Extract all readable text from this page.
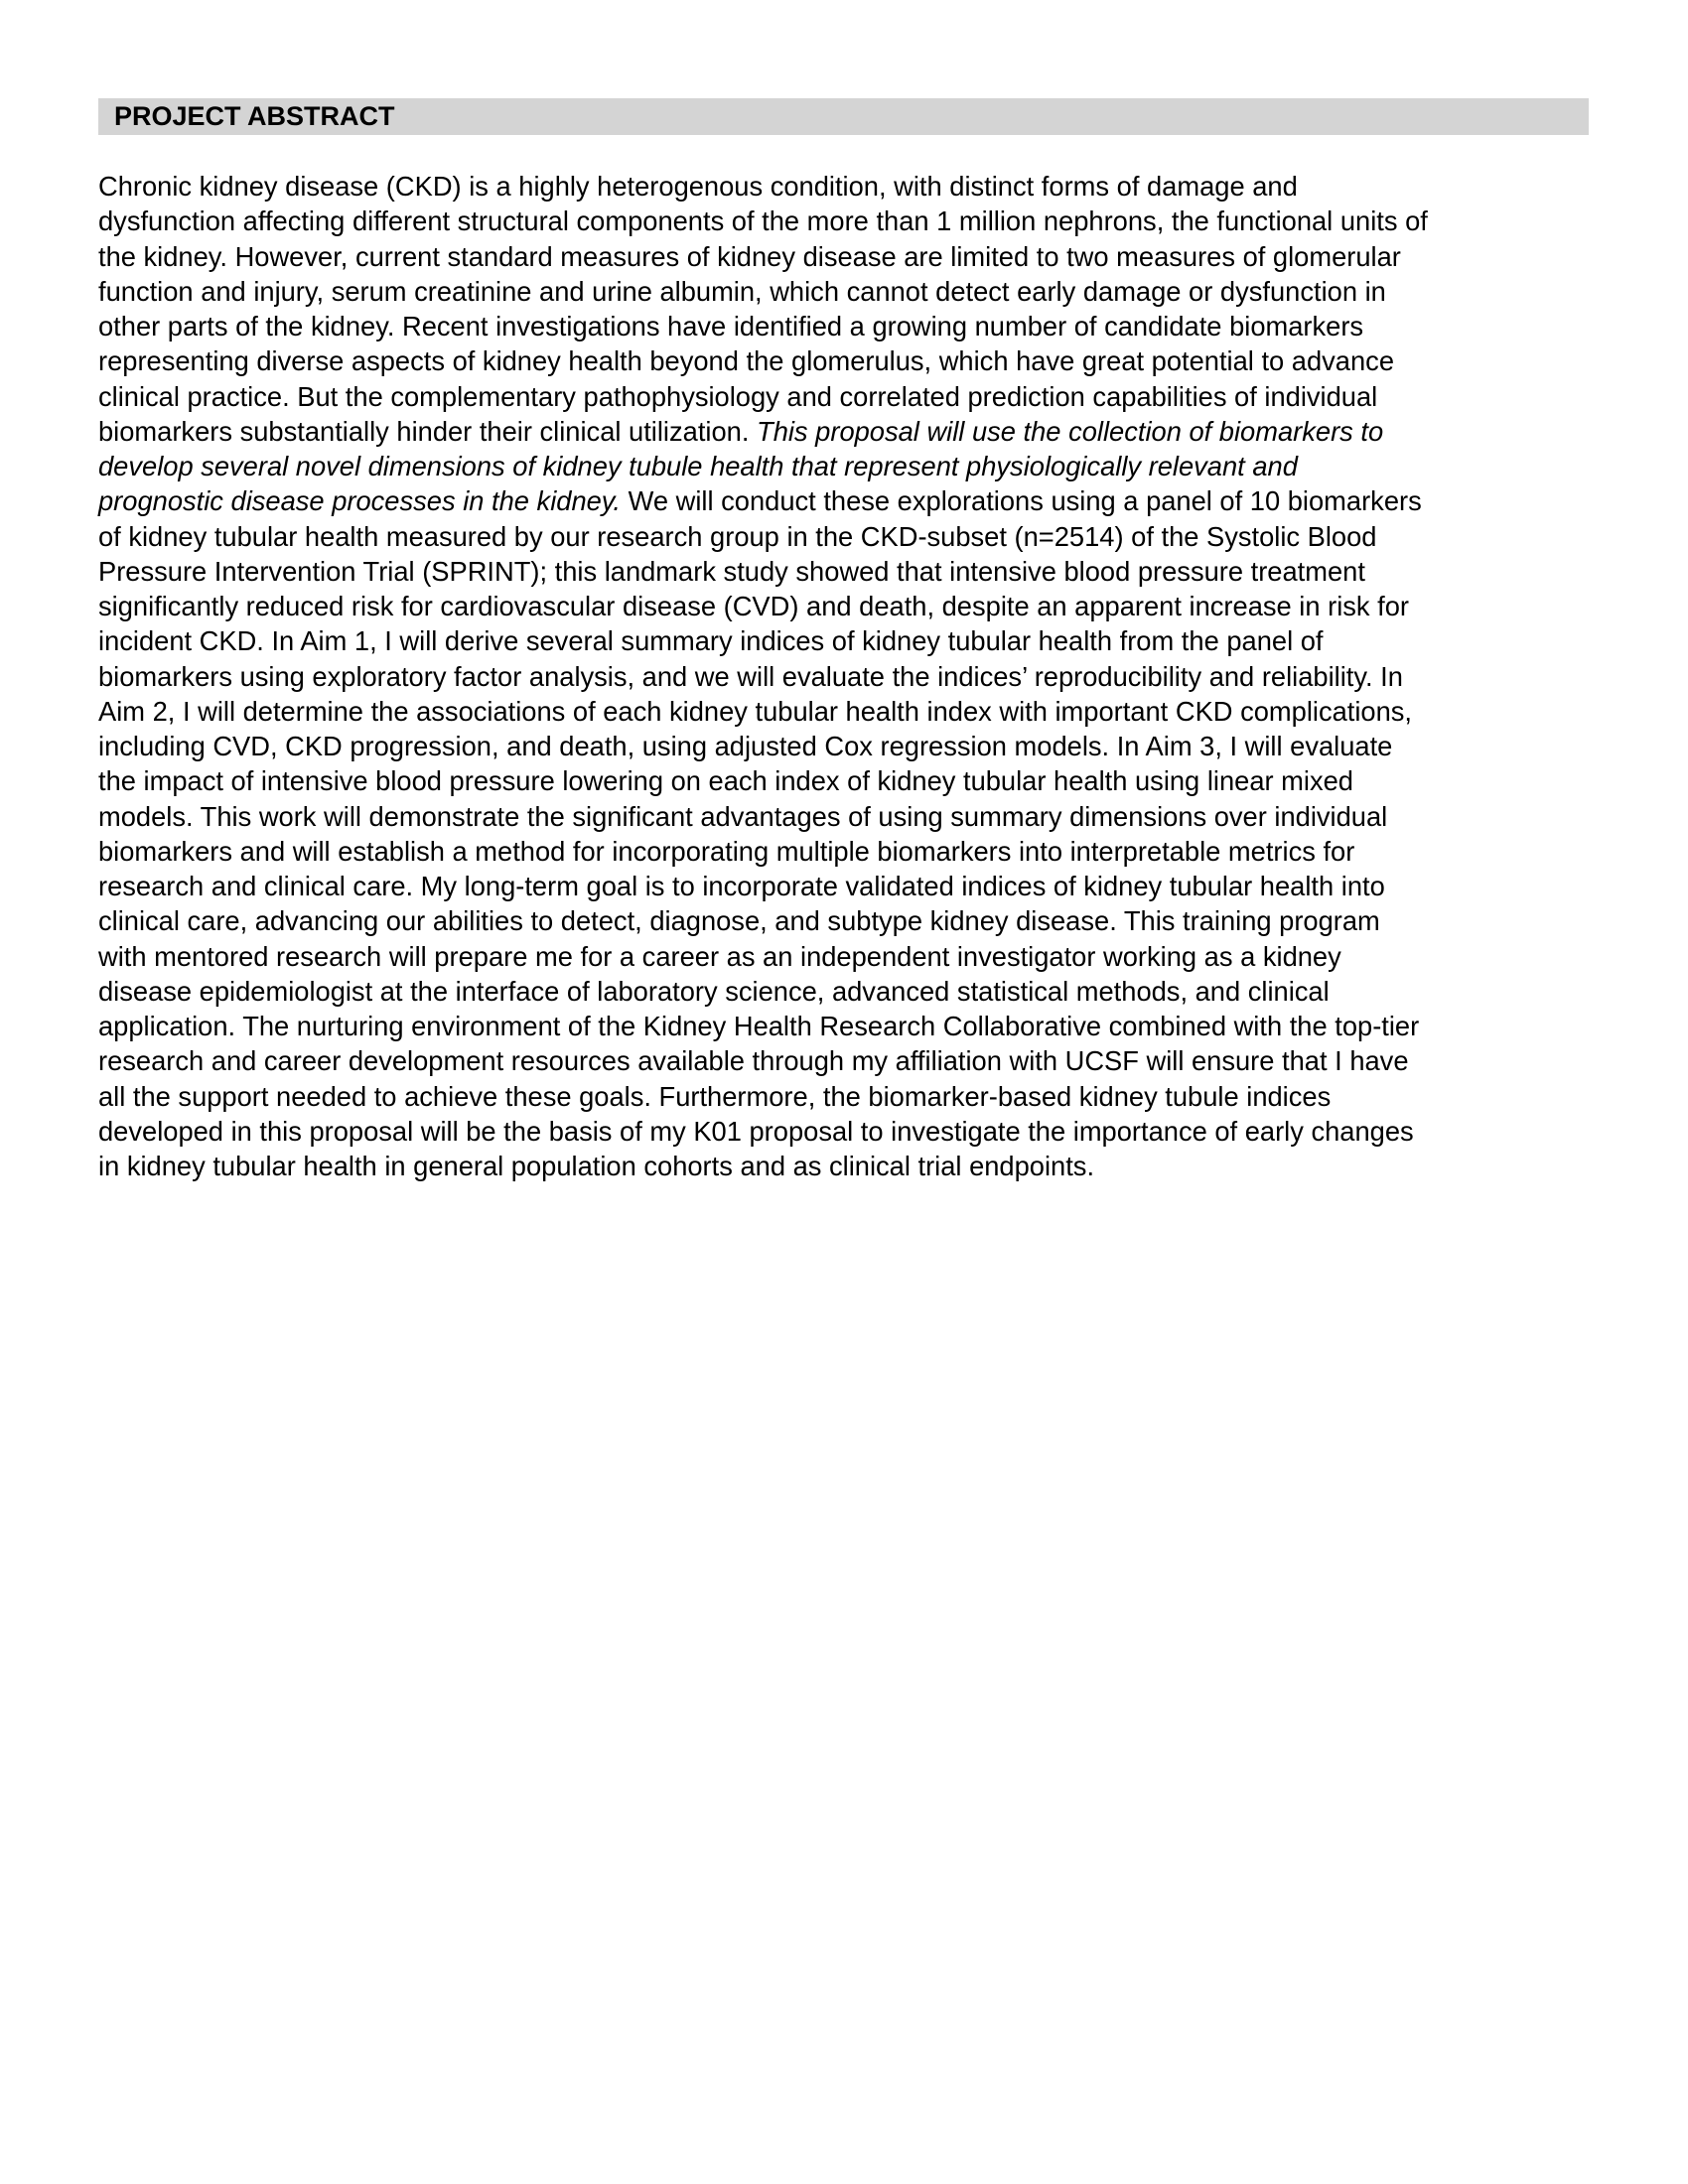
PROJECT ABSTRACT
Chronic kidney disease (CKD) is a highly heterogenous condition, with distinct forms of damage and
dysfunction affecting different structural components of the more than 1 million nephrons, the functional units of
the kidney. However, current standard measures of kidney disease are limited to two measures of glomerular
function and injury, serum creatinine and urine albumin, which cannot detect early damage or dysfunction in
other parts of the kidney. Recent investigations have identified a growing number of candidate biomarkers
representing diverse aspects of kidney health beyond the glomerulus, which have great potential to advance
clinical practice. But the complementary pathophysiology and correlated prediction capabilities of individual
biomarkers substantially hinder their clinical utilization. This proposal will use the collection of biomarkers to
develop several novel dimensions of kidney tubule health that represent physiologically relevant and
prognostic disease processes in the kidney. We will conduct these explorations using a panel of 10 biomarkers
of kidney tubular health measured by our research group in the CKD-subset (n=2514) of the Systolic Blood
Pressure Intervention Trial (SPRINT); this landmark study showed that intensive blood pressure treatment
significantly reduced risk for cardiovascular disease (CVD) and death, despite an apparent increase in risk for
incident CKD. In Aim 1, I will derive several summary indices of kidney tubular health from the panel of
biomarkers using exploratory factor analysis, and we will evaluate the indices’ reproducibility and reliability. In
Aim 2, I will determine the associations of each kidney tubular health index with important CKD complications,
including CVD, CKD progression, and death, using adjusted Cox regression models. In Aim 3, I will evaluate
the impact of intensive blood pressure lowering on each index of kidney tubular health using linear mixed
models. This work will demonstrate the significant advantages of using summary dimensions over individual
biomarkers and will establish a method for incorporating multiple biomarkers into interpretable metrics for
research and clinical care. My long-term goal is to incorporate validated indices of kidney tubular health into
clinical care, advancing our abilities to detect, diagnose, and subtype kidney disease. This training program
with mentored research will prepare me for a career as an independent investigator working as a kidney
disease epidemiologist at the interface of laboratory science, advanced statistical methods, and clinical
application. The nurturing environment of the Kidney Health Research Collaborative combined with the top-tier
research and career development resources available through my affiliation with UCSF will ensure that I have
all the support needed to achieve these goals. Furthermore, the biomarker-based kidney tubule indices
developed in this proposal will be the basis of my K01 proposal to investigate the importance of early changes
in kidney tubular health in general population cohorts and as clinical trial endpoints.
